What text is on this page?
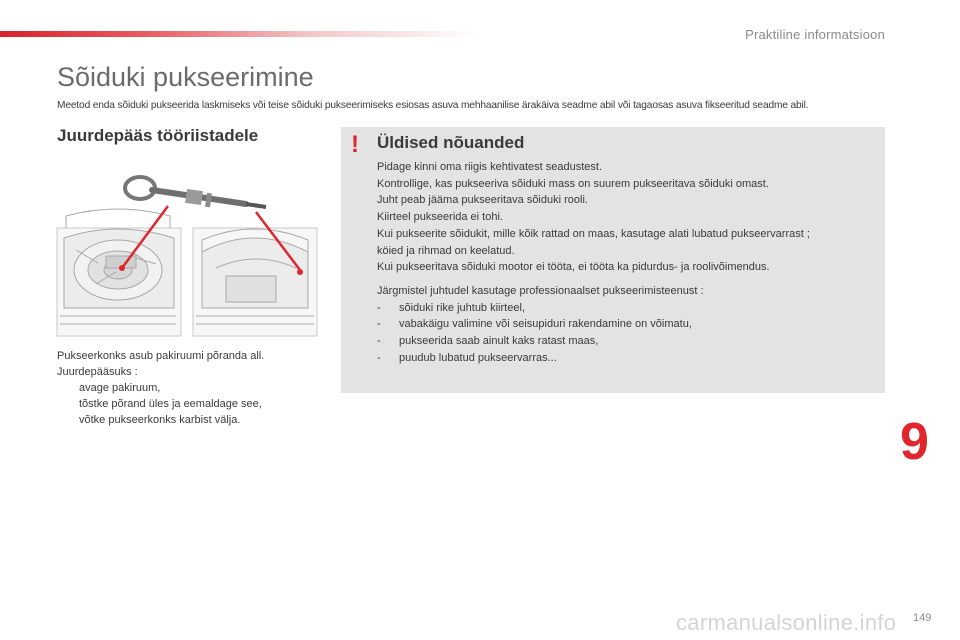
Praktiline informatsioon
Sõiduki pukseerimine
Meetod enda sõiduki pukseerida laskmiseks või teise sõiduki pukseerimiseks esiosas asuva mehhaanilise ärakäiva seadme abil või tagaosas asuva fikseeritud seadme abil.
Juurdepääs tööriistadele
Pukseerkonks asub pakiruumi põranda all.
Juurdepääsuks :
avage pakiruum,
tõstke põrand üles ja eemaldage see,
võtke pukseerkonks karbist välja.
! Üldised nõuanded
Pidage kinni oma riigis kehtivatest seadustest.
Kontrollige, kas pukseeriva sõiduki mass on suurem pukseeritava sõiduki omast.
Juht peab jääma pukseeritava sõiduki rooli.
Kiirteel pukseerida ei tohi.
Kui pukseerite sõidukit, mille kõik rattad on maas, kasutage alati lubatud pukseervarrast ;
köied ja rihmad on keelatud.
Kui pukseeritava sõiduki mootor ei tööta, ei tööta ka pidurdus- ja roolivõimendus.
Järgmistel juhtudel kasutage professionaalset pukseerimisteenust :
-	sõiduki rike juhtub kiirteel,
-	vabakäigu valimine või seisupiduri rakendamine on võimatu,
-	pukseerida saab ainult kaks ratast maas,
-	puudub lubatud pukseervarras...
9
carmanualsonline.info 149
